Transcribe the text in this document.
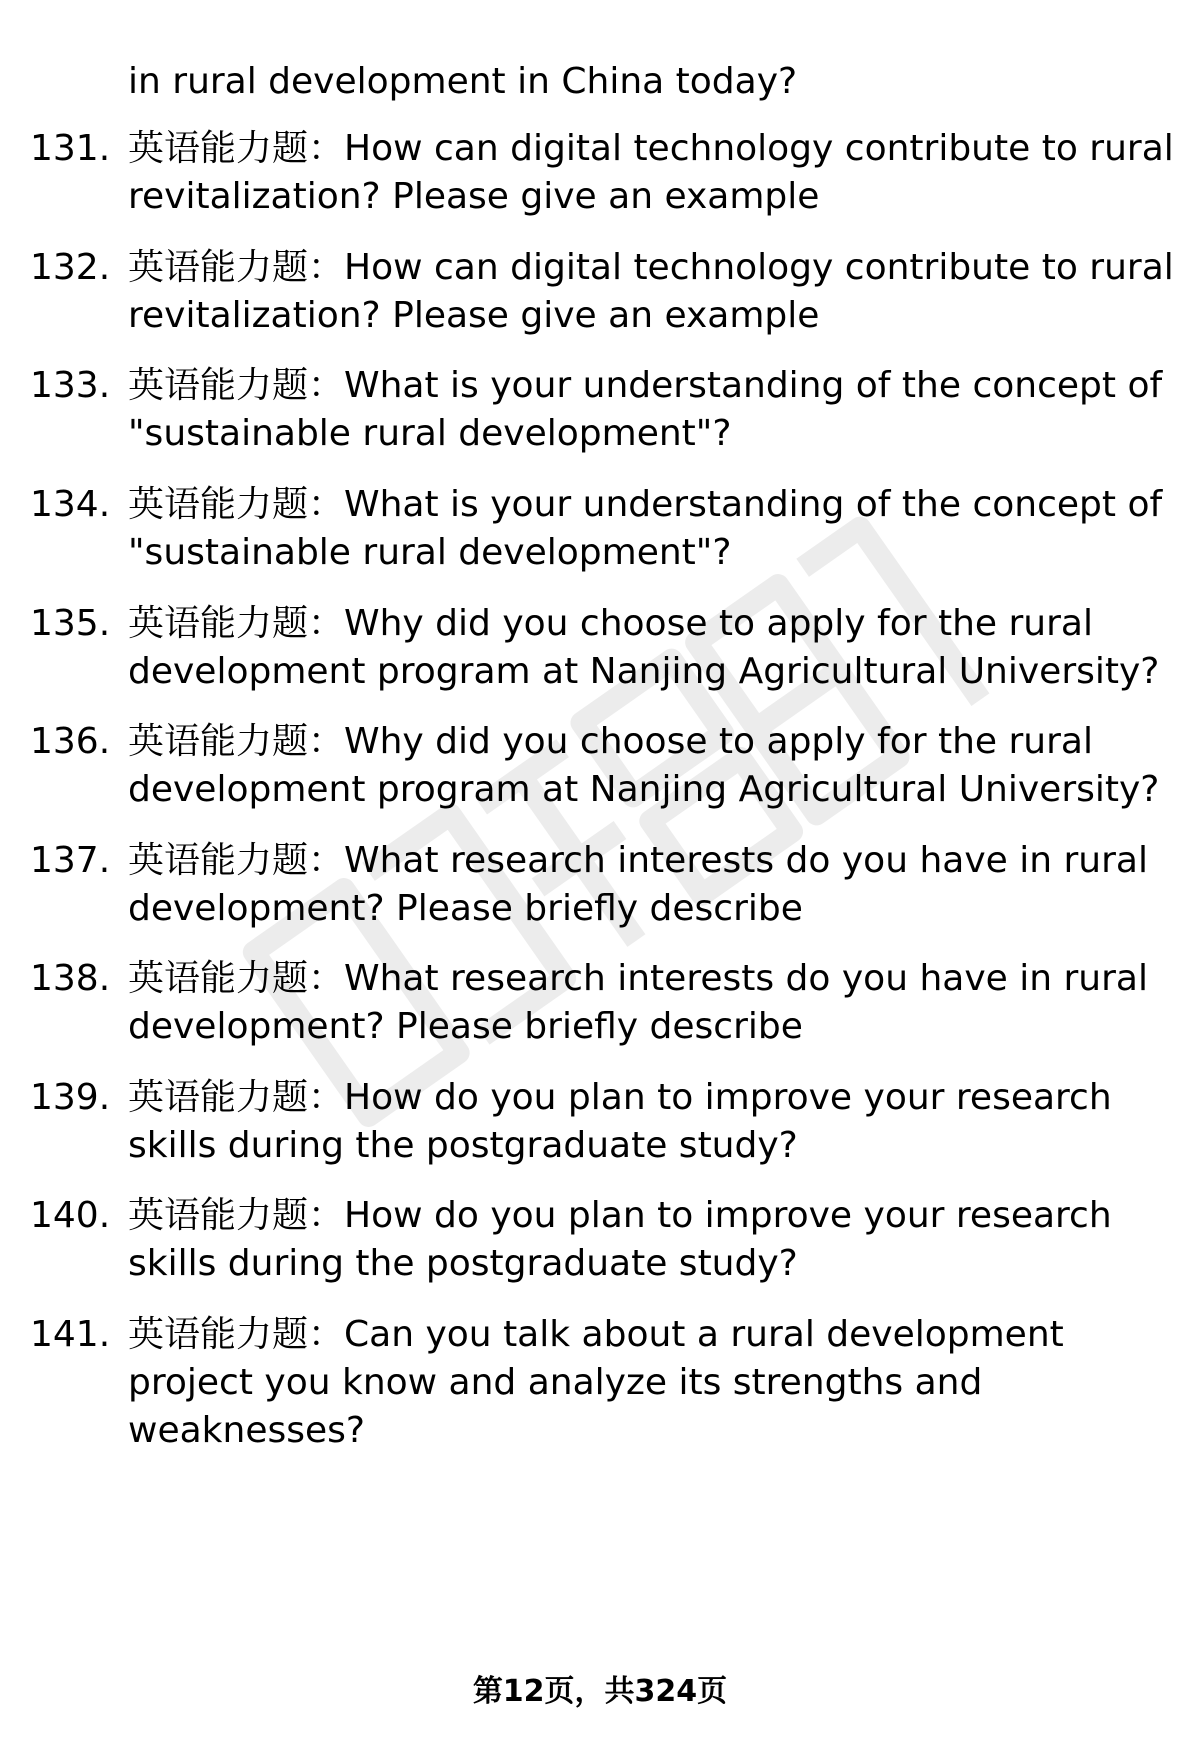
in rural development in China today?
131. 英语能力题：How can digital technology contribute to rural
revitalization? Please give an example
132. 英语能力题：How can digital technology contribute to rural
revitalization? Please give an example
133. 英语能力题：What is your understanding of the concept of
"sustainable rural development"?
134. 英语能力题：What is your understanding of the concept of
"sustainable rural development"?
135. 英语能力题：Why did you choose to apply for the rural
development program at Nanjing Agricultural University?
136. 英语能力题：Why did you choose to apply for the rural
development program at Nanjing Agricultural University?
137. 英语能力题：What research interests do you have in rural
development? Please briefly describe
138. 英语能力题：What research interests do you have in rural
development? Please briefly describe
139. 英语能力题：How do you plan to improve your research
skills during the postgraduate study?
140. 英语能力题：How do you plan to improve your research
skills during the postgraduate study?
141. 英语能力题：Can you talk about a rural development
project you know and analyze its strengths and
weaknesses?
第12页，共324页
